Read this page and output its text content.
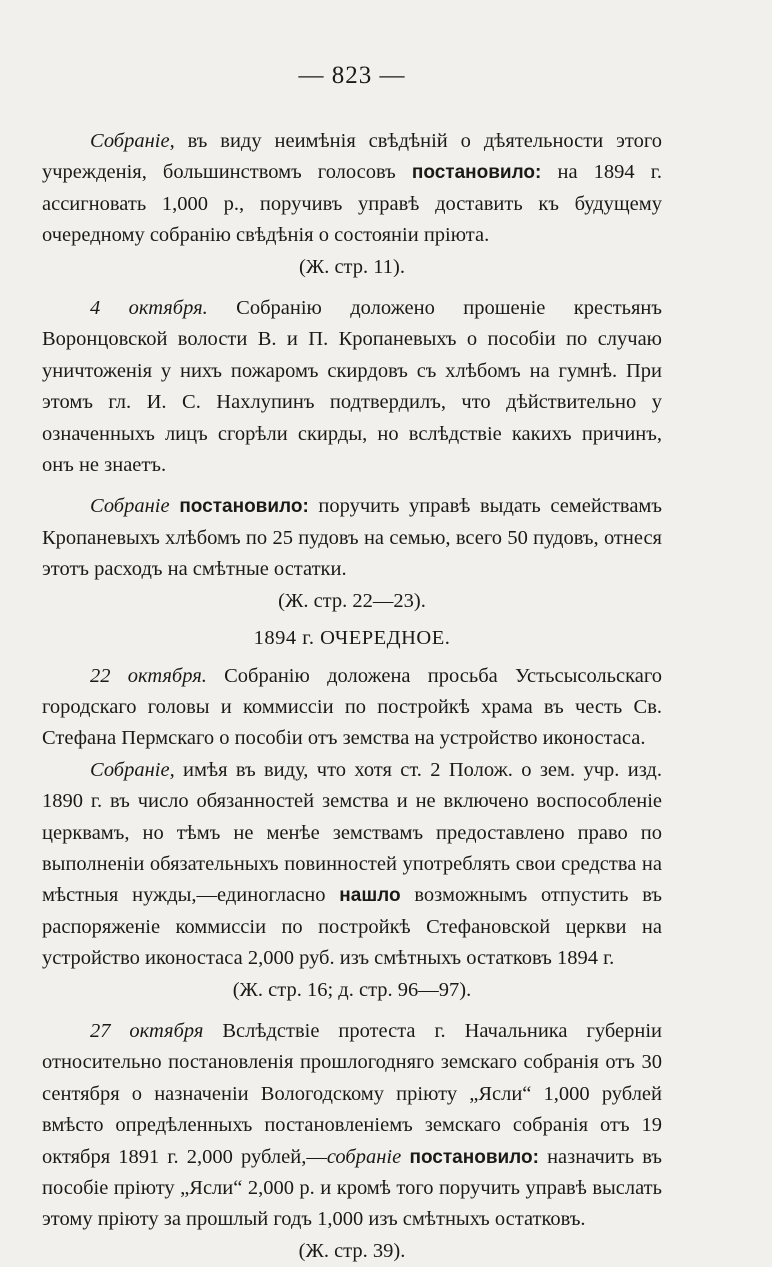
— 823 —

Собраніе, въ виду неимѣнія свѣдѣній о дѣятельности этого учрежденія, большинствомъ голосовъ постановило: на 1894 г. ассигновать 1,000 р., поручивъ управѣ доставить къ будущему очередному собранію свѣдѣнія о состояніи пріюта.

(Ж. стр. 11).

4 октября. Собранію доложено прошеніе крестьянъ Воронцовской волости В. и П. Кропаневыхъ о пособіи по случаю уничтоженія у нихъ пожаромъ скирдовъ съ хлѣбомъ на гумнѣ. При этомъ гл. И. С. Нахлупинъ подтвердилъ, что дѣйствительно у означенныхъ лицъ сгорѣли скирды, но вслѣдствіе какихъ причинъ, онъ не знаетъ.

Собраніе постановило: поручить управѣ выдать семействамъ Кропаневыхъ хлѣбомъ по 25 пудовъ на семью, всего 50 пудовъ, отнеся этотъ расходъ на смѣтные остатки.

(Ж. стр. 22—23).

1894 г. ОЧЕРЕДНОЕ.

22 октября. Собранію доложена просьба Устьсысольскаго городскаго головы и коммиссіи по постройкѣ храма въ честь Св. Стефана Пермскаго о пособіи отъ земства на устройство иконостаса.

Собраніе, имѣя въ виду, что хотя ст. 2 Полож. о зем. учр. изд. 1890 г. въ число обязанностей земства и не включено воспособленіе церквамъ, но тѣмъ не менѣе земствамъ предоставлено право по выполненіи обязательныхъ повинностей употреблять свои средства на мѣстныя нужды,—единогласно нашло возможнымъ отпустить въ распоряженіе коммиссіи по постройкѣ Стефановской церкви на устройство иконостаса 2,000 руб. изъ смѣтныхъ остатковъ 1894 г.

(Ж. стр. 16; д. стр. 96—97).

27 октября Вслѣдствіе протеста г. Начальника губерніи относительно постановленія прошлогодняго земскаго собранія отъ 30 сентября о назначеніи Вологодскому пріюту „Ясли“ 1,000 рублей вмѣсто опредѣленныхъ постановленіемъ земскаго собранія отъ 19 октября 1891 г. 2,000 рублей,—собраніе постановило: назначить въ пособіе пріюту „Ясли“ 2,000 р. и кромѣ того поручить управѣ выслать этому пріюту за прошлый годъ 1,000 изъ смѣтныхъ остатковъ.

(Ж. стр. 39).
